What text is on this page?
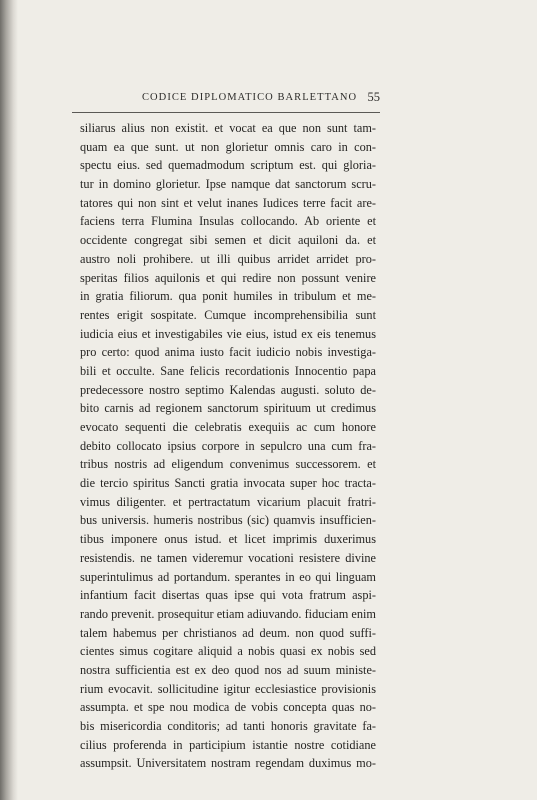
CODICE DIPLOMATICO BARLETTANO 55
siliarus alius non existit. et vocat ea que non sunt tam-
quam ea que sunt. ut non glorietur omnis caro in con-
spectu eius. sed quemadmodum scriptum est. qui gloria-
tur in domino glorietur. Ipse namque dat sanctorum scru-
tatores qui non sint et velut inanes Iudices terre facit are-
faciens terra Flumina Insulas collocando. Ab oriente et
occidente congregat sibi semen et dicit aquiloni da. et
austro noli prohibere. ut illi quibus arridet arridet pro-
speritas filios aquilonis et qui redire non possunt venire
in gratia filiorum. qua ponit humiles in tribulum et me-
rentes erigit sospitate. Cumque incomprehensibilia sunt
iudicia eius et investigabiles vie eius, istud ex eis tenemus
pro certo: quod anima iusto facit iudicio nobis investiga-
bili et occulte. Sane felicis recordationis Innocentio papa
predecessore nostro septimo Kalendas augusti. soluto de-
bito carnis ad regionem sanctorum spirituum ut credimus
evocato sequenti die celebratis exequiis ac cum honore
debito collocato ipsius corpore in sepulcro una cum fra-
tribus nostris ad eligendum convenimus successorem. et
die tercio spiritus Sancti gratia invocata super hoc tracta-
vimus diligenter. et pertractatum vicarium placuit fratri-
bus universis. humeris nostribus (sic) quamvis insufficien-
tibus imponere onus istud. et licet imprimis duxerimus
resistendis. ne tamen videremur vocationi resistere divine
superintulimus ad portandum. sperantes in eo qui linguam
infantium facit disertas quas ipse qui vota fratrum aspi-
rando prevenit. prosequitur etiam adiuvando. fiduciam enim
talem habemus per christianos ad deum. non quod suffi-
cientes simus cogitare aliquid a nobis quasi ex nobis sed
nostra sufficientia est ex deo quod nos ad suum ministe-
rium evocavit. sollicitudine igitur ecclesiastice provisionis
assumpta. et spe nou modica de vobis concepta quas no-
bis misericordia conditoris; ad tanti honoris gravitate fa-
cilius proferenda in participium istantie nostre cotidiane
assumpsit. Universitatem nostram regendam duximus mo-
